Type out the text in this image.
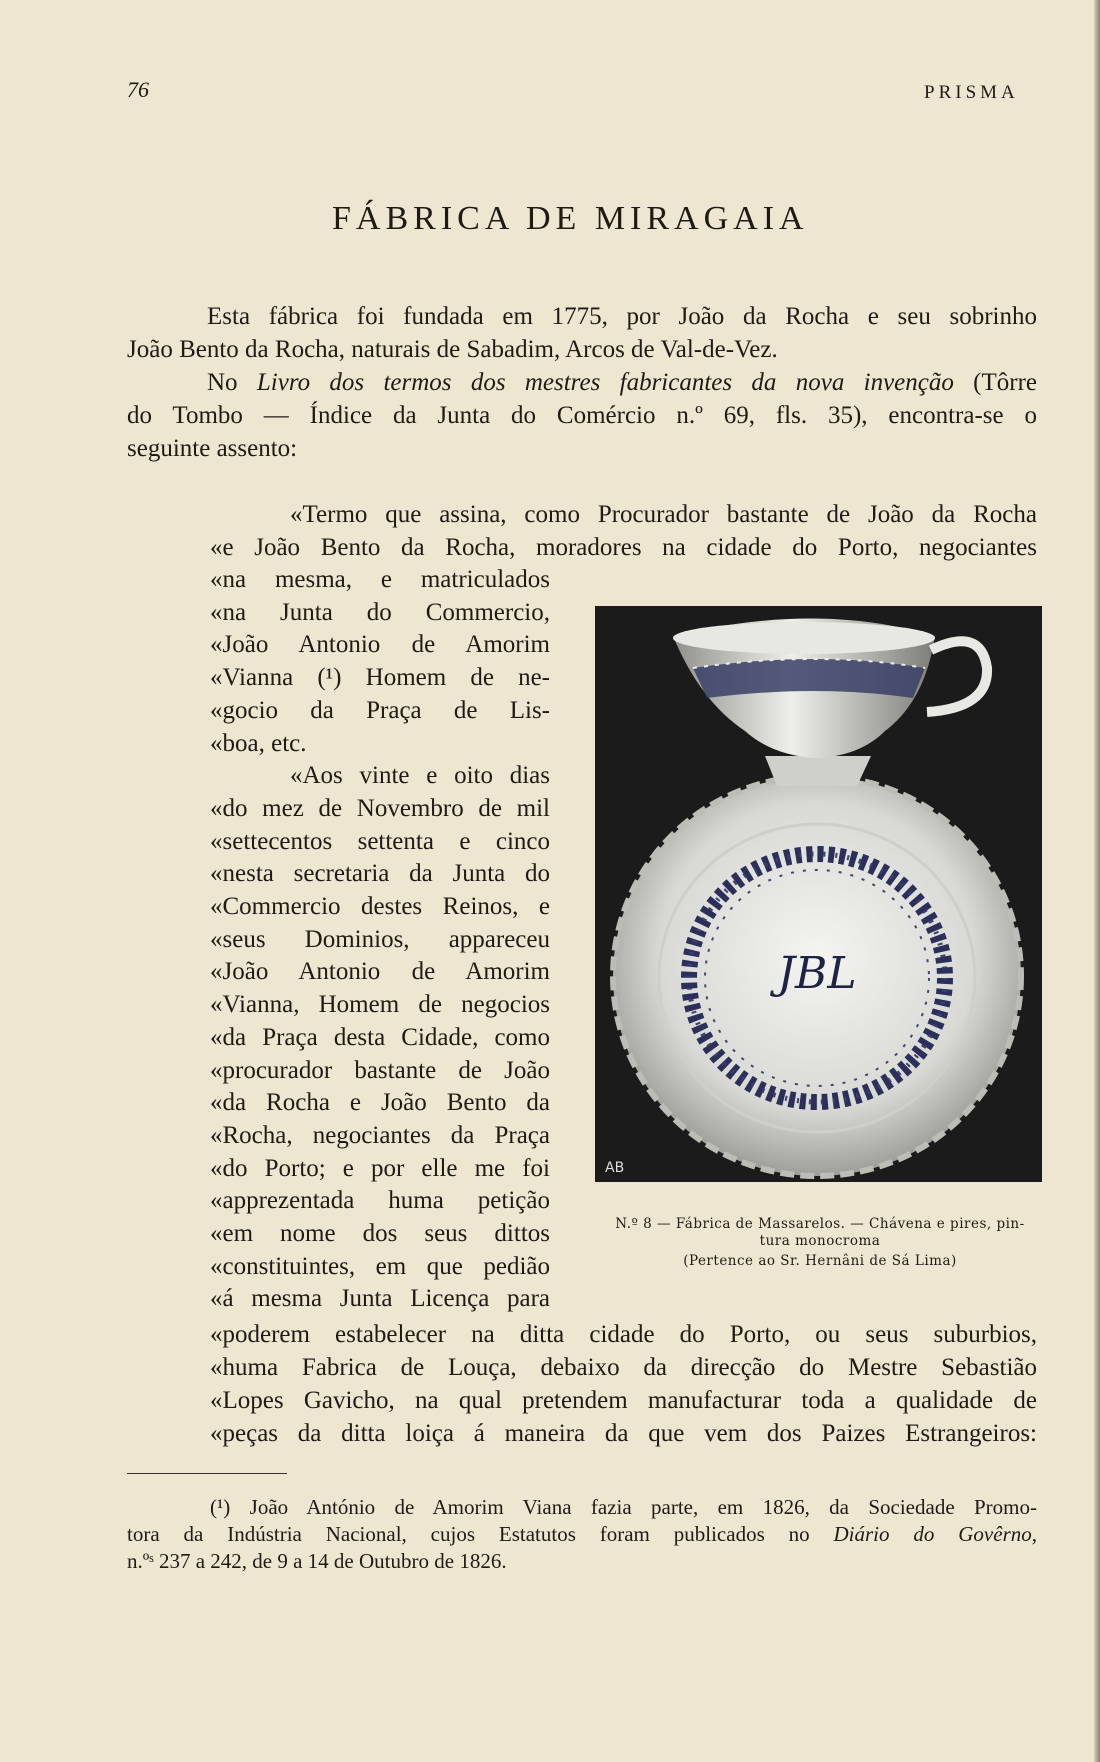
76	PRISMA
FÁBRICA DE MIRAGAIA
Esta fábrica foi fundada em 1775, por João da Rocha e seu sobrinho
João Bento da Rocha, naturais de Sabadim, Arcos de Val-de-Vez.
No Livro dos termos dos mestres fabricantes da nova invenção (Tôrre
do Tombo — Índice da Junta do Comércio n.º 69, fls. 35), encontra-se o
seguinte assento:
«Termo que assina, como Procurador bastante de João da Rocha
«e João Bento da Rocha, moradores na cidade do Porto, negociantes
«na mesma, e matriculados
«na Junta do Commercio,
«João Antonio de Amorim
«Vianna (¹) Homem de ne-
«gocio da Praça de Lis-
«boa, etc.
«Aos vinte e oito dias
«do mez de Novembro de mil
«settecentos settenta e cinco
«nesta secretaria da Junta do
«Commercio destes Reinos, e
«seus Dominios, appareceu
«João Antonio de Amorim
«Vianna, Homem de negocios
«da Praça desta Cidade, como
«procurador bastante de João
«da Rocha e João Bento da
«Rocha, negociantes da Praça
«do Porto; e por elle me foi
«apprezentada huma petição
«em nome dos seus dittos
«constituintes, em que pedião
«á mesma Junta Licença para
JBL
AB
N.º 8 — Fábrica de Massarelos. — Chávena e pires, pin-
tura monocroma
(Pertence ao Sr. Hernâni de Sá Lima)
«poderem estabelecer na ditta cidade do Porto, ou seus suburbios,
«huma Fabrica de Louça, debaixo da direcção do Mestre Sebastião
«Lopes Gavicho, na qual pretendem manufacturar toda a qualidade de
«peças da ditta loiça á maneira da que vem dos Paizes Estrangeiros:
(¹) João António de Amorim Viana fazia parte, em 1826, da Sociedade Promo-
tora da Indústria Nacional, cujos Estatutos foram publicados no Diário do Govêrno,
n.ºˢ 237 a 242, de 9 a 14 de Outubro de 1826.
